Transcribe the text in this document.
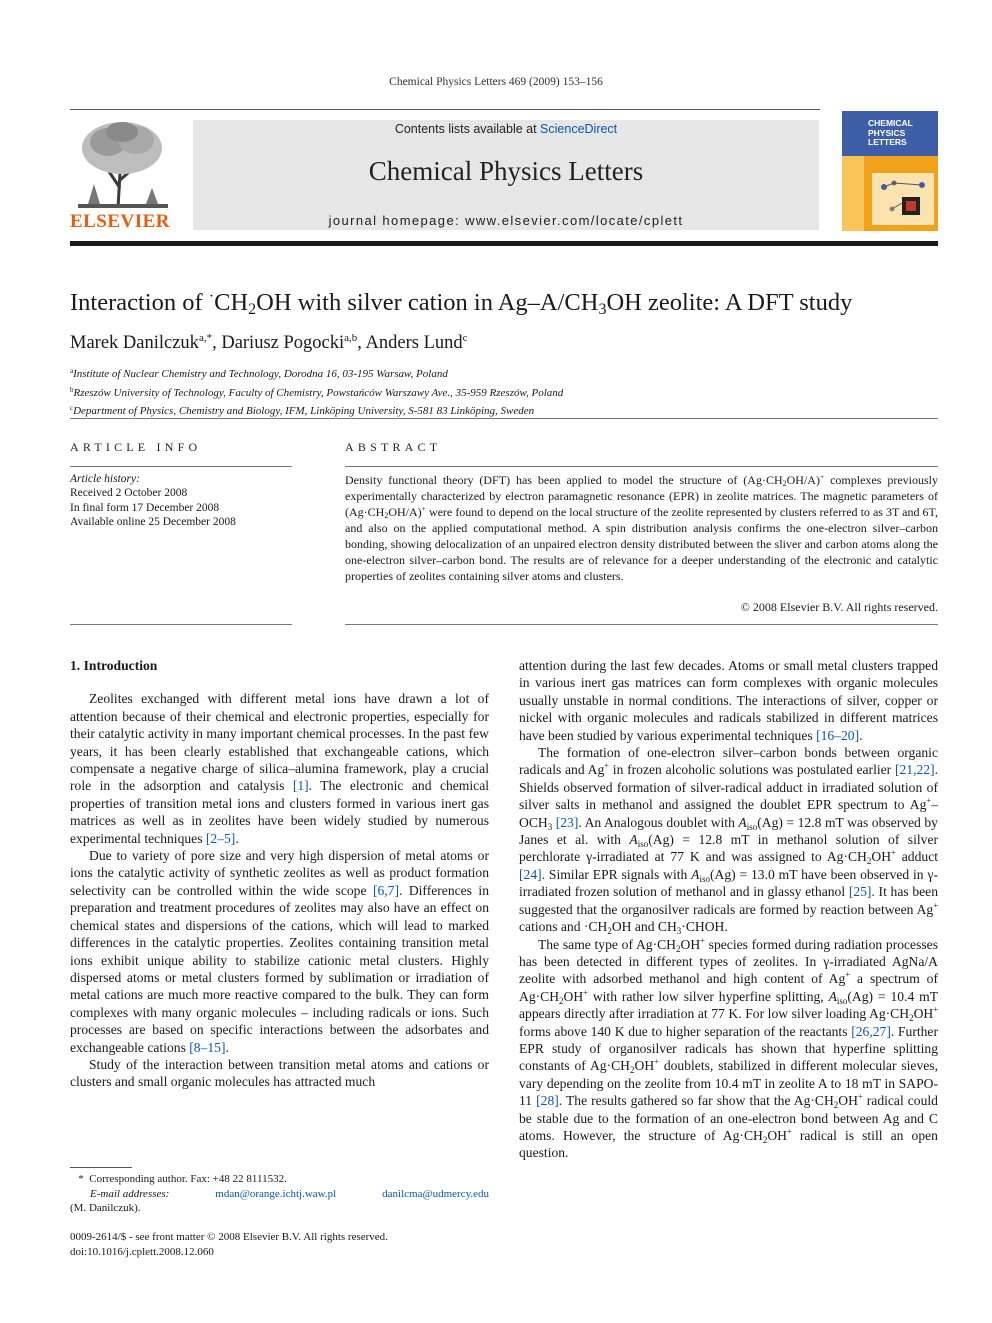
Chemical Physics Letters 469 (2009) 153–156
ELSEVIER
Contents lists available at ScienceDirect
Chemical Physics Letters
journal homepage: www.elsevier.com/locate/cplett
CHEMICAL
PHYSICS
LETTERS
Interaction of $^\cdot CH_2OH$ with silver cation in $Ag-A/CH_3OH$ zeolite: A DFT study
Marek Danilczuk$^{a,*}$, Dariusz Pogocki$^{a,b}$, Anders Lund$^c$
$^a$Institute of Nuclear Chemistry and Technology, Dorodna 16, 03-195 Warsaw, Poland
$^b$Rzeszów University of Technology, Faculty of Chemistry, Powstańców Warszawy Ave., 35-959 Rzeszów, Poland
$^c$Department of Physics, Chemistry and Biology, IFM, Linköping University, S-581 83 Linköping, Sweden
ARTICLE INFO
Article history:
Received 2 October 2008
In final form 17 December 2008
Available online 25 December 2008
ABSTRACT
Density functional theory (DFT) has been applied to model the structure of $(Ag\cdot CH_2OH/A)^+$ complexes previously experimentally characterized by electron paramagnetic resonance (EPR) in zeolite matrices. The magnetic parameters of $(Ag\cdot CH_2OH/A)^+$ were found to depend on the local structure of the zeolite represented by clusters referred to as 3T and 6T, and also on the applied computational method. A spin distribution analysis confirms the one-electron silver–carbon bonding, showing delocalization of an unpaired electron density distributed between the sliver and carbon atoms along the one-electron silver–carbon bond. The results are of relevance for a deeper understanding of the electronic and catalytic properties of zeolites containing silver atoms and clusters.
© 2008 Elsevier B.V. All rights reserved.
1. Introduction

Zeolites exchanged with different metal ions have drawn a lot of attention because of their chemical and electronic properties, especially for their catalytic activity in many important chemical processes. In the past few years, it has been clearly established that exchangeable cations, which compensate a negative charge of silica–alumina framework, play a crucial role in the adsorption and catalysis [1]. The electronic and chemical properties of transition metal ions and clusters formed in various inert gas matrices as well as in zeolites have been widely studied by numerous experimental techniques [2–5].

Due to variety of pore size and very high dispersion of metal atoms or ions the catalytic activity of synthetic zeolites as well as product formation selectivity can be controlled within the wide scope [6,7]. Differences in preparation and treatment procedures of zeolites may also have an effect on chemical states and dispersions of the cations, which will lead to marked differences in the catalytic properties. Zeolites containing transition metal ions exhibit unique ability to stabilize cationic metal clusters. Highly dispersed atoms or metal clusters formed by sublimation or irradiation of metal cations are much more reactive compared to the bulk. They can form complexes with many organic molecules – including radicals or ions. Such processes are based on specific interactions between the adsorbates and exchangeable cations [8–15].

Study of the interaction between transition metal atoms and cations or clusters and small organic molecules has attracted much

attention during the last few decades. Atoms or small metal clusters trapped in various inert gas matrices can form complexes with organic molecules usually unstable in normal conditions. The interactions of silver, copper or nickel with organic molecules and radicals stabilized in different matrices have been studied by various experimental techniques [16–20].

The formation of one-electron silver–carbon bonds between organic radicals and Ag+ in frozen alcoholic solutions was postulated earlier [21,22]. Shields observed formation of silver-radical adduct in irradiated solution of silver salts in methanol and assigned the doublet EPR spectrum to $Ag^+-OCH_3$ [23]. An Analogous doublet with $A_{iso}(Ag) = 12.8$ mT was observed by Janes et al. with $A_{iso}(Ag) = 12.8$ mT in methanol solution of silver perchlorate γ-irradiated at 77 K and was assigned to $Ag\cdot CH_2OH^+$ adduct [24]. Similar EPR signals with $A_{iso}(Ag) = 13.0$ mT have been observed in γ-irradiated frozen solution of methanol and in glassy ethanol [25]. It has been suggested that the organosilver radicals are formed by reaction between Ag+ cations and $\cdot CH_2OH$ and $CH_3\cdot CHOH$.

The same type of $Ag\cdot CH_2OH^+$ species formed during radiation processes has been detected in different types of zeolites. In γ-irradiated AgNa/A zeolite with adsorbed methanol and high content of Ag+ a spectrum of $Ag\cdot CH_2OH^+$ with rather low silver hyperfine splitting, $A_{iso}(Ag) = 10.4$ mT appears directly after irradiation at 77 K. For low silver loading $Ag\cdot CH_2OH^+$ forms above 140 K due to higher separation of the reactants [26,27]. Further EPR study of organosilver radicals has shown that hyperfine splitting constants of $Ag\cdot CH_2OH^+$ doublets, stabilized in different molecular sieves, vary depending on the zeolite from 10.4 mT in zeolite A to 18 mT in SAPO-11 [28]. The results gathered so far show that the $Ag\cdot CH_2OH^+$ radical could be stable due to the formation of an one-electron bond between Ag and C atoms. However, the structure of $Ag\cdot CH_2OH^+$ radical is still an open question.

* Corresponding author. Fax: +48 22 8111532.
E-mail addresses:	mdan@orange.ichtj.waw.pl	danilcma@udmercy.edu
(M. Danilczuk).
0009-2614/$ - see front matter © 2008 Elsevier B.V. All rights reserved.
doi:10.1016/j.cplett.2008.12.060
